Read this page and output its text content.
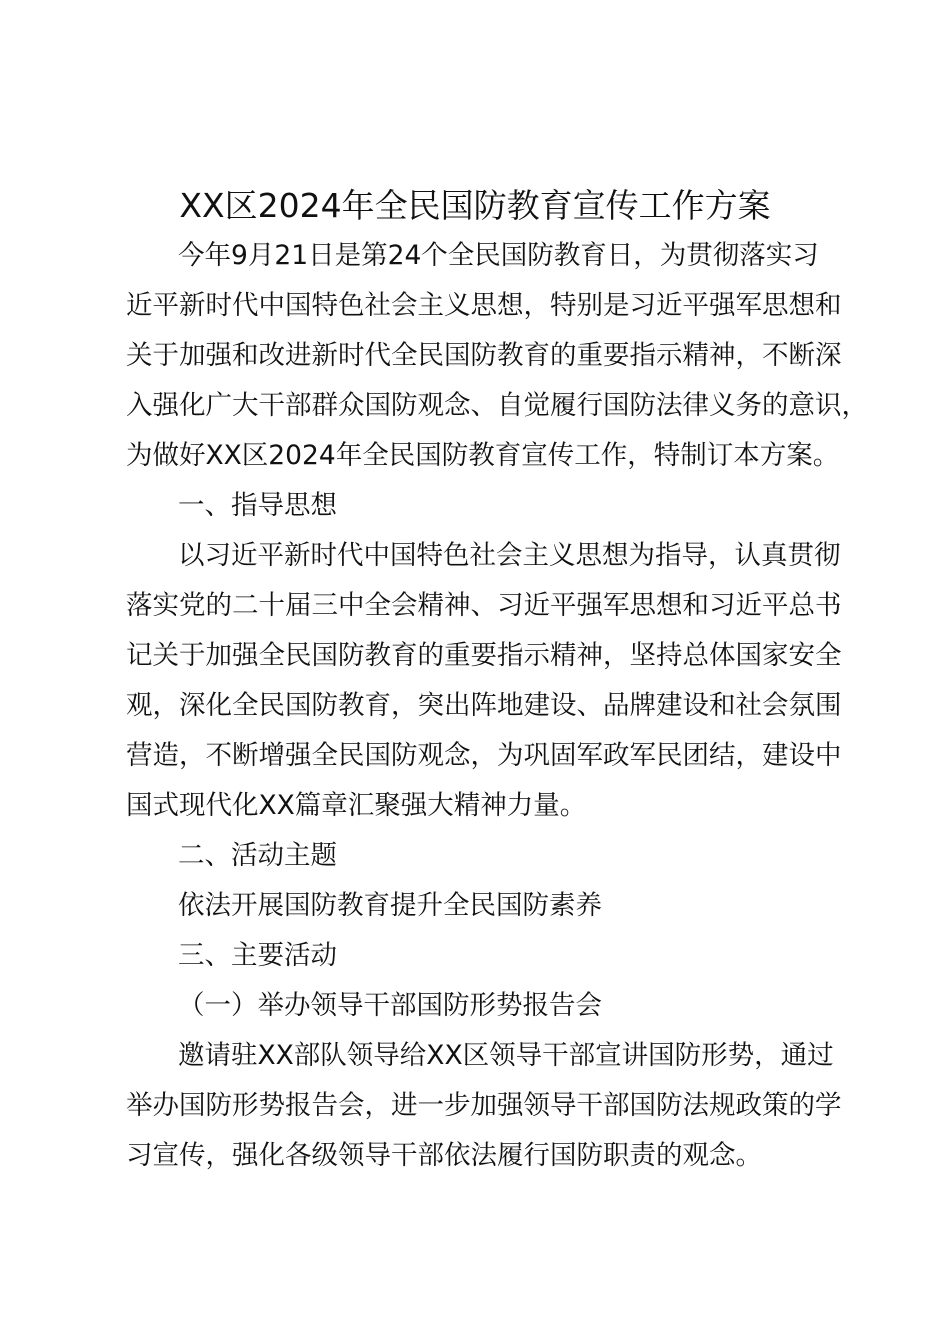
XX区2024年全民国防教育宣传工作方案

今年9月21日是第24个全民国防教育日，为贯彻落实习

近平新时代中国特色社会主义思想，特别是习近平强军思想和

关于加强和改进新时代全民国防教育的重要指示精神，不断深

入强化广大干部群众国防观念、自觉履行国防法律义务的意识，

为做好XX区2024年全民国防教育宣传工作，特制订本方案。

一、指导思想

以习近平新时代中国特色社会主义思想为指导，认真贯彻

落实党的二十届三中全会精神、习近平强军思想和习近平总书

记关于加强全民国防教育的重要指示精神，坚持总体国家安全

观，深化全民国防教育，突出阵地建设、品牌建设和社会氛围

营造，不断增强全民国防观念，为巩固军政军民团结，建设中

国式现代化XX篇章汇聚强大精神力量。

二、活动主题

依法开展国防教育提升全民国防素养

三、主要活动

（一）举办领导干部国防形势报告会

邀请驻XX部队领导给XX区领导干部宣讲国防形势，通过

举办国防形势报告会，进一步加强领导干部国防法规政策的学

习宣传，强化各级领导干部依法履行国防职责的观念。
